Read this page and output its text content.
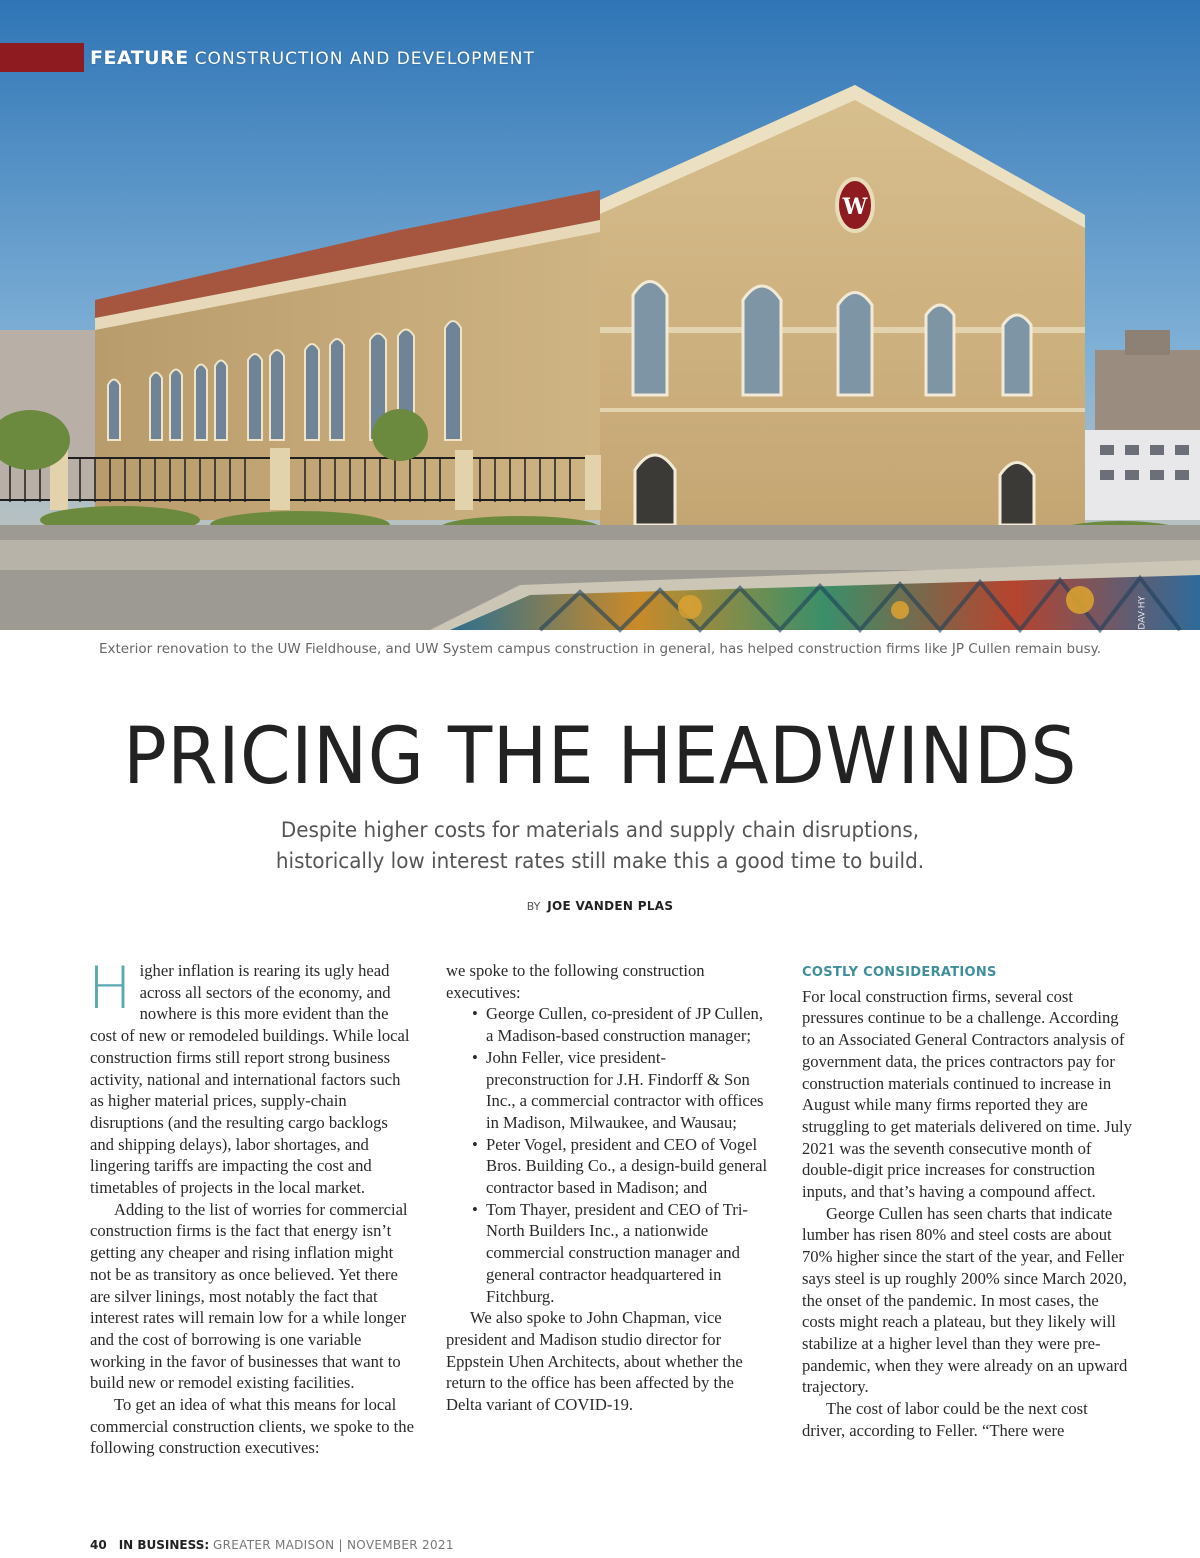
W
FEATURE CONSTRUCTION AND DEVELOPMENT
DAV·HY
Exterior renovation to the UW Fieldhouse, and UW System campus construction in general, has helped construction firms like JP Cullen remain busy.
PRICING THE HEADWINDS
Despite higher costs for materials and supply chain disruptions,
historically low interest rates still make this a good time to build.
BY JOE VANDEN PLAS

Higher inflation is rearing its ugly head across all sectors of the economy, and nowhere is this more evident than the cost of new or remodeled buildings. While local construction firms still report strong business activity, national and international factors such as higher material prices, supply-chain disruptions (and the resulting cargo backlogs and shipping delays), labor shortages, and lingering tariffs are impacting the cost and timetables of projects in the local market.

Adding to the list of worries for commercial construction firms is the fact that energy isn’t getting any cheaper and rising inflation might not be as transitory as once believed. Yet there are silver linings, most notably the fact that interest rates will remain low for a while longer and the cost of borrowing is one variable working in the favor of businesses that want to build new or remodel existing facilities.

To get an idea of what this means for local commercial construction clients, we spoke to the following construction executives:

we spoke to the following construction executives:

• George Cullen, co-president of JP Cullen, a Madison-based construction manager;
• John Feller, vice president-preconstruction for J.H. Findorff & Son Inc., a commercial contractor with offices in Madison, Milwaukee, and Wausau;
• Peter Vogel, president and CEO of Vogel Bros. Building Co., a design-build general contractor based in Madison; and
• Tom Thayer, president and CEO of Tri-North Builders Inc., a nationwide commercial construction manager and general contractor headquartered in Fitchburg.

We also spoke to John Chapman, vice president and Madison studio director for Eppstein Uhen Architects, about whether the return to the office has been affected by the Delta variant of COVID-19.

COSTLY CONSIDERATIONS

For local construction firms, several cost pressures continue to be a challenge. According to an Associated General Contractors analysis of government data, the prices contractors pay for construction materials continued to increase in August while many firms reported they are struggling to get materials delivered on time. July 2021 was the seventh consecutive month of double-digit price increases for construction inputs, and that’s having a compound affect.

George Cullen has seen charts that indicate lumber has risen 80% and steel costs are about 70% higher since the start of the year, and Feller says steel is up roughly 200% since March 2020, the onset of the pandemic. In most cases, the costs might reach a plateau, but they likely will stabilize at a higher level than they were pre-pandemic, when they were already on an upward trajectory.

The cost of labor could be the next cost driver, according to Feller. “There were

40 IN BUSINESS: GREATER MADISON | NOVEMBER 2021
